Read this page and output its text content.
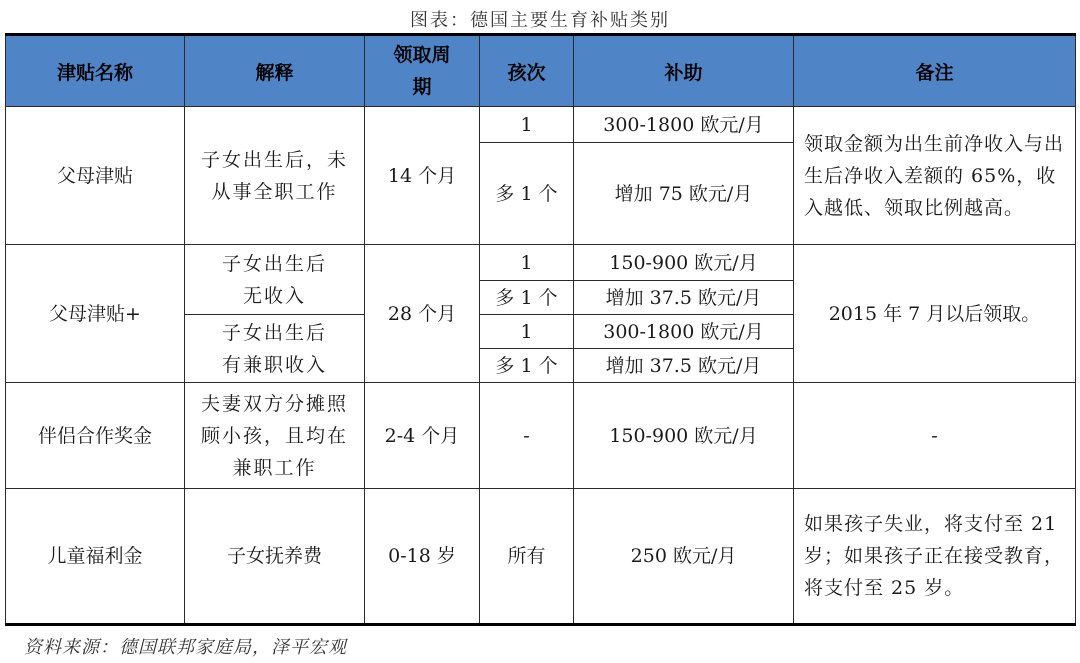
图表：德国主要生育补贴类别
津贴名称	解释	领取周期	孩次	补助	备注
父母津贴	子女出生后，未从事全职工作	14 个月	1	300-1800 欧元/月	领取金额为出生前净收入与出生后净收入差额的 65%，收入越低、领取比例越高。
			多 1 个	增加 75 欧元/月	
父母津贴+	子女出生后无收入	28 个月	1	150-900 欧元/月	2015 年 7 月以后领取。
			多 1 个	增加 37.5 欧元/月	
	子女出生后有兼职收入		1	300-1800 欧元/月	
			多 1 个	增加 37.5 欧元/月	
伴侣合作奖金	夫妻双方分摊照顾小孩，且均在兼职工作	2-4 个月	-	150-900 欧元/月	-
儿童福利金	子女抚养费	0-18 岁	所有	250 欧元/月	如果孩子失业，将支付至 21 岁；如果孩子正在接受教育，将支付至 25 岁。
资料来源：德国联邦家庭局，泽平宏观
